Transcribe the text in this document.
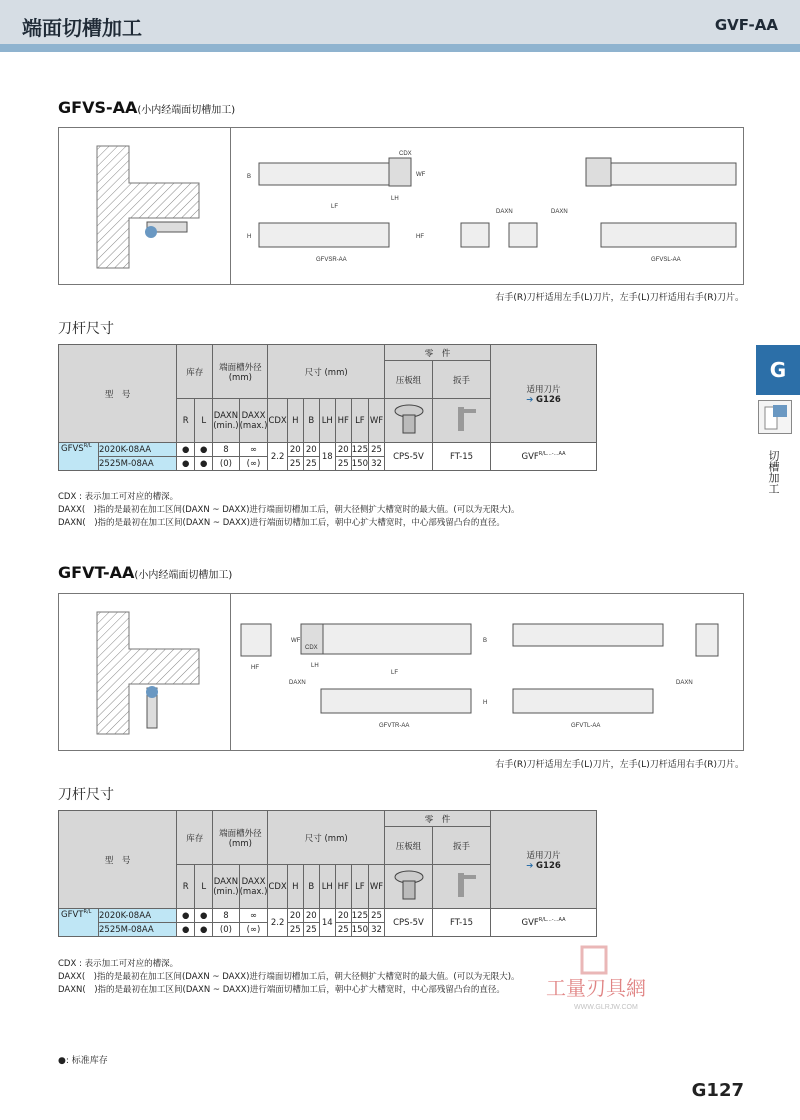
端面切槽加工	GVF-AA
G
切槽加工
GFVS-AA(小内经端面切槽加工)
CDX
WF
LH
LF
B
H	HF
DAXN	DAXN
GFVSR-AA	GFVSL-AA
右手(R)刀杆适用左手(L)刀片，左手(L)刀杆适用右手(R)刀片。
刀杆尺寸
型　号		库存		端面槽外径
(mm)		尺寸 (mm)							零　件		适用刀片
➔ G126
													压板组	扳手	
		R	L	DAXN
(min.)	DAXX
(max.)	CDX	H	B	LH	HF	LF	WF		
$GFVS^{R/L}$	2020K-08AA	●	●	8	∞	2.2	20	20	18	20	125	25	CPS-5V	FT-15	$GVF^{R/L\dots-\dots AA}$
	2525M-08AA	●	●	(0)	(∞)		25	25		25	150	32			
CDX : 表示加工可对应的槽深。
DAXX(　)指的是最初在加工区间(DAXN ~ DAXX)进行端面切槽加工后，朝大径侧扩大槽宽时的最大值。(可以为无限大)。
DAXN(　)指的是最初在加工区间(DAXN ~ DAXX)进行端面切槽加工后，朝中心扩大槽宽时，中心部残留凸台的直径。
GFVT-AA(小内经端面切槽加工)
WF
CDX
B
HF	LH
LF
DAXN	DAXN
H
GFVTR-AA	GFVTL-AA
右手(R)刀杆适用左手(L)刀片，左手(L)刀杆适用右手(R)刀片。
刀杆尺寸
型　号		库存		端面槽外径
(mm)		尺寸 (mm)							零　件		适用刀片
➔ G126
													压板组	扳手	
		R	L	DAXN
(min.)	DAXX
(max.)	CDX	H	B	LH	HF	LF	WF		
$GFVT^{R/L}$	2020K-08AA	●	●	8	∞	2.2	20	20	14	20	125	25	CPS-5V	FT-15	$GVF^{R/L\dots-\dots AA}$
	2525M-08AA	●	●	(0)	(∞)		25	25		25	150	32			
CDX : 表示加工可对应的槽深。
DAXX(　)指的是最初在加工区间(DAXN ~ DAXX)进行端面切槽加工后，朝大径侧扩大槽宽时的最大值。(可以为无限大)。
DAXN(　)指的是最初在加工区间(DAXN ~ DAXX)进行端面切槽加工后，朝中心扩大槽宽时，中心部残留凸台的直径。	工量刃具網
WWW.GLRJW.COM
●: 标准库存
G127
